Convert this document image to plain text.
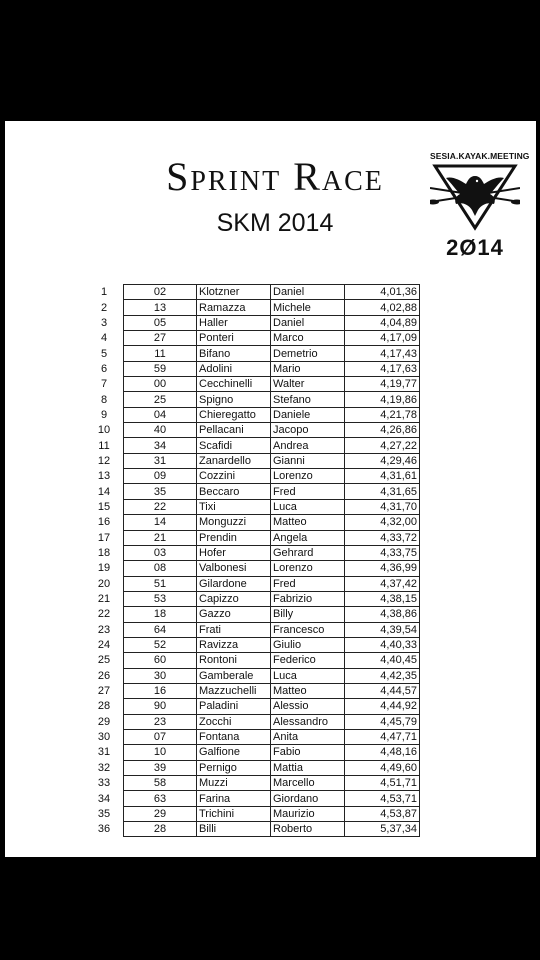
Sprint Race
SKM 2014
SESIA.KAYAK.MEETING
2Ø14
1	02	Klotzner	Daniel	4,01,36
2	13	Ramazza	Michele	4,02,88
3	05	Haller	Daniel	4,04,89
4	27	Ponteri	Marco	4,17,09
5	11	Bifano	Demetrio	4,17,43
6	59	Adolini	Mario	4,17,63
7	00	Cecchinelli	Walter	4,19,77
8	25	Spigno	Stefano	4,19,86
9	04	Chieregatto	Daniele	4,21,78
10	40	Pellacani	Jacopo	4,26,86
11	34	Scafidi	Andrea	4,27,22
12	31	Zanardello	Gianni	4,29,46
13	09	Cozzini	Lorenzo	4,31,61
14	35	Beccaro	Fred	4,31,65
15	22	Tixi	Luca	4,31,70
16	14	Monguzzi	Matteo	4,32,00
17	21	Prendin	Angela	4,33,72
18	03	Hofer	Gehrard	4,33,75
19	08	Valbonesi	Lorenzo	4,36,99
20	51	Gilardone	Fred	4,37,42
21	53	Capizzo	Fabrizio	4,38,15
22	18	Gazzo	Billy	4,38,86
23	64	Frati	Francesco	4,39,54
24	52	Ravizza	Giulio	4,40,33
25	60	Rontoni	Federico	4,40,45
26	30	Gamberale	Luca	4,42,35
27	16	Mazzuchelli	Matteo	4,44,57
28	90	Paladini	Alessio	4,44,92
29	23	Zocchi	Alessandro	4,45,79
30	07	Fontana	Anita	4,47,71
31	10	Galfione	Fabio	4,48,16
32	39	Pernigo	Mattia	4,49,60
33	58	Muzzi	Marcello	4,51,71
34	63	Farina	Giordano	4,53,71
35	29	Trichini	Maurizio	4,53,87
36	28	Billi	Roberto	5,37,34
